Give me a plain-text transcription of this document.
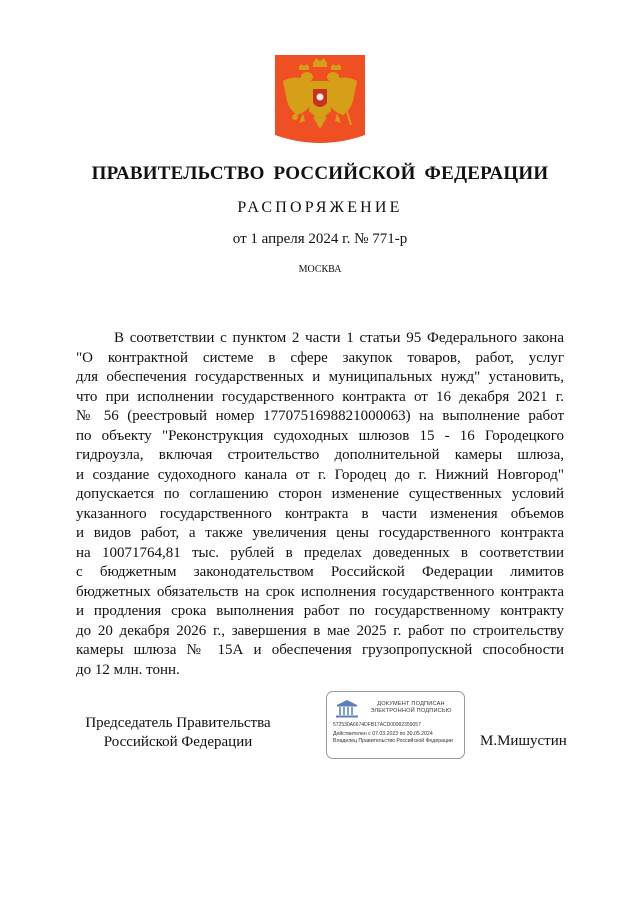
ПРАВИТЕЛЬСТВО РОССИЙСКОЙ ФЕДЕРАЦИИ
РАСПОРЯЖЕНИЕ
от 1 апреля 2024 г. № 771-р
МОСКВА
В соответствии с пунктом 2 части 1 статьи 95 Федерального закона
"О контрактной системе в сфере закупок товаров, работ, услуг
для обеспечения государственных и муниципальных нужд" установить,
что при исполнении государственного контракта от 16 декабря 2021 г.
№ 56 (реестровый номер 1770751698821000063) на выполнение работ
по объекту "Реконструкция судоходных шлюзов 15 - 16 Городецкого
гидроузла, включая строительство дополнительной камеры шлюза,
и создание судоходного канала от г. Городец до г. Нижний Новгород"
допускается по соглашению сторон изменение существенных условий
указанного государственного контракта в части изменения объемов
и видов работ, а также увеличения цены государственного контракта
на 10071764,81 тыс. рублей в пределах доведенных в соответствии
с бюджетным законодательством Российской Федерации лимитов
бюджетных обязательств на срок исполнения государственного контракта
и продления срока выполнения работ по государственному контракту
до 20 декабря 2026 г., завершения в мае 2025 г. работ по строительству
камеры шлюза № 15А и обеспечения грузопропускной способности
до 12 млн. тонн.
Председатель Правительства
Российской Федерации
ДОКУМЕНТ ПОДПИСАН
ЭЛЕКТРОННОЙ ПОДПИСЬЮ
572530A6674DFB17ACD00992359057
Действителен с 07.03.2023 по 30.05.2024
Владелец Правительство Российской Федерации М.Мишустин
